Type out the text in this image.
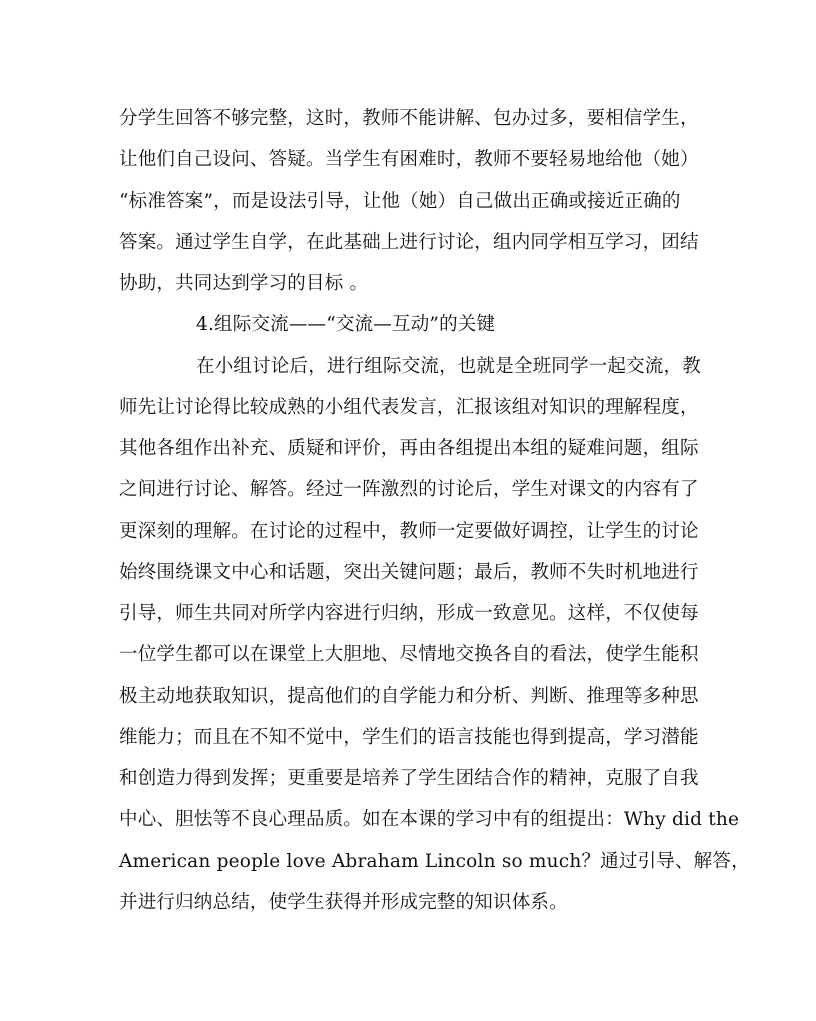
分学生回答不够完整，这时，教师不能讲解、包办过多，要相信学生，
让他们自己设问、答疑。当学生有困难时，教师不要轻易地给他（她）
“标准答案”，而是设法引导，让他（她）自己做出正确或接近正确的
答案。通过学生自学，在此基础上进行讨论，组内同学相互学习，团结
协助，共同达到学习的目标 。
4.组际交流——“交流—互动”的关键
在小组讨论后，进行组际交流，也就是全班同学一起交流，教
师先让讨论得比较成熟的小组代表发言，汇报该组对知识的理解程度，
其他各组作出补充、质疑和评价，再由各组提出本组的疑难问题，组际
之间进行讨论、解答。经过一阵激烈的讨论后，学生对课文的内容有了
更深刻的理解。在讨论的过程中，教师一定要做好调控，让学生的讨论
始终围绕课文中心和话题，突出关键问题；最后，教师不失时机地进行
引导，师生共同对所学内容进行归纳，形成一致意见。这样，不仅使每
一位学生都可以在课堂上大胆地、尽情地交换各自的看法，使学生能积
极主动地获取知识，提高他们的自学能力和分析、判断、推理等多种思
维能力；而且在不知不觉中，学生们的语言技能也得到提高，学习潜能
和创造力得到发挥；更重要是培养了学生团结合作的精神，克服了自我
中心、胆怯等不良心理品质。如在本课的学习中有的组提出：Why did the
American people love Abraham Lincoln so much？通过引导、解答，
并进行归纳总结，使学生获得并形成完整的知识体系。
